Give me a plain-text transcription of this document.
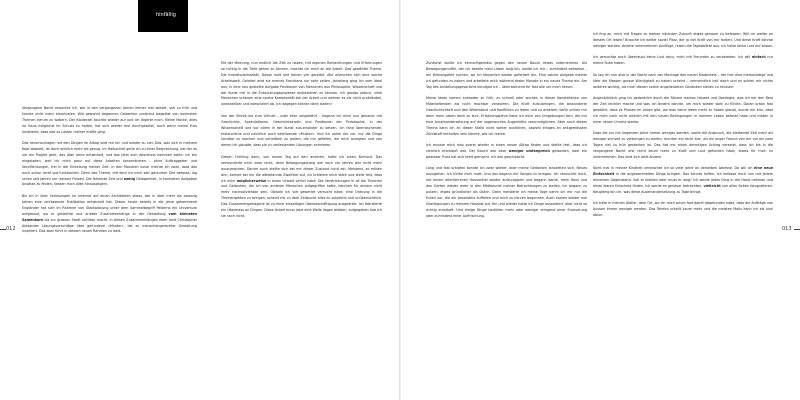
hinfällig
012	013

Vergangene Nacht erwachte ich, wie in den vergangenen Jahren immer mal wieder, viel zu früh und konnte nicht mehr einschlafen. Wie gewohnt begannen Gedanken zunächst losgelöst von konkreten Themen herum zu wabern. Der Klodeckel tauchte wieder auf und ich ärgerte mich. Meine Macke, alles im Haus möglichst im Schuss zu halten, hat sich wieder mal durchgesetzt, auch wenn meine Frau insistierte, dass das zu Lasten meiner Kräfte ging.

Das herumschlagen mit den Dingen im Alltag wird mir hin und wieder zu viel. Das, was sich in meinem Kopf abspielt, ist doch wirklich mehr als genug. Im Halbschlaf gehe ich zu einer Besprechung, bei der es um ein Projekt geht, das über Jahre entwickelt, und das jetzt zum Abschluss kommen sollte. Ich bin eingeladen, weil ich mich ganz auf diese Arbeiten konzentrieren – ohne Auftraggeber und Verpflichtungen, frei in der Einteilung meiner Zeit. In den Monaten zuvor meinte ich zwar, dass das auch schon recht gut funktioniert. Denn das Thema, mit dem ich mich seit geraumer Zeit befasse, lag schon seit Jahren vor meinen Füssen. Die fehlende Zeit und wenig Gelegenheit, in konkreten Aufgaben Ansätze zu finden, liessen mich alles hinauszögern.

Bis ich in über Vorlesungen im Internet auf einen Architekten stiess, der in über mehr als zwanzig Jahren eine umfassende Publikation entwickelt hat. Dieser heute bereits in die Jahre gekommene Engländer hat sich im Rahmen von Stadtplanung unter dem Sammelbegriff Patterns ein Universum aufgebaut, wo er gedachte und erlebte Zusammenhänge in der Gestaltung vom kleinsten Samenkorn bis zur grossen Stadt sichtbar macht. In diesen Zusammenhängen eben fand Christopher Alexander Lösungsvorschläge über gefundene «Muster», die zu menschengerechter Gestaltung inspiriert. Das aber führt in diesem neuen Rahmen zu weit.

Mit der Meinung, nun endlich die Zeit zu haben, mit eigenen Betrachtungen und Erfahrungen so richtig in die Tiefe gehen zu können, machte ich mich an die Arbeit. Das gewählte Thema, Die Interdisziplinarität, Davon wird seit Jahren viel geredet. Alle wünschen sich eine solche Arbeitswelt. Geleitet wird sie meines Erachtens nur sehr selten. Jahrelang ging ich vom Ideal aus, in eine neu gestellte Aufgabe Positionen von Menschen aus Philosophie, Wissenschaft und der Kunst mit in die Entwicklungsprozesse einbeziehen zu können. Ich glaube jedoch, viele Menschen scheuen eine solche Komplexität bei der Arbeit und wehren es als nicht praktikabel, unbezahlbar und kompliziert ab. Ich dagegen könnte darin baden!

Von der Skizze bis zum Urknall – oder eher umgekehrt – begann ich mich nun genauer mit Geschichte, Spekulationen, Geschichtsinseln und Positionen der Philosophie, in der Wissenschaft und vor allem in der Kunst aus-einander zu setzen. Ich fand überraschende, erstaunliche und natürlich auch betrübende «Muster». Und ich nahm mir vor, nur die Dinge sichtbar zu machen und vermitteln zu wollen, die mir gefielen, die mich anregten und von denen ich glaubte, dass sie zu umfassenden Lösungen animieren.

Diesen Frühling dann, von einem Tag auf den anderen, hatte ich einen Burnout. Das verwunderte mich zwar nicht, denn Bewegungsdrang wie noch vor Jahren war nicht mehr auszumachen. Darum auch stellte sich bei mir dieser Zustand nicht ein. Meistens, so mitten drin, kommt bei mir die altbekannte Zweifelei auf, ich kritisiere mich stark und stelle fest, dass ich mich möglicherweise in einen Urwald verirrt habe. Die Verstrickungen in all die Theorien und Gedanken, die ich von anderen Menschen aufgegriffen hatte, könnten für andere nicht mehr nachvollziehbar sein. Obwohl ich viel gewertet versucht habe, eine Ordnung in die Themenwelten zu bringen, scheint mir zu dem Zeitpunkt alles zu subjektiv und unübersichtlich. Das Zusammengetragene ist zu einer einseitigen Überbeschäftigung ausgeartet. Ich fabrizierte ein Übermass an Dingen. Diese Arbeit muss jetzt eine Weile liegen bleiben, aufgegeben hab ich sie noch nicht.

Zunächst wollte ich vernunftgemäss gegen den neuen Bauch etwas unternehmen. Als Bewegungsmuffel, der ich bereits mein Leben lang bin, wollte ich mir – zumindest zeitweise – ein Wirkungsfeld suchen, wo ich körperlich wieder gefordert bin. Eine solche Aufgabe meinte ich gefunden zu haben und arbeitete mich während dreier Monate in ein neues Thema ein. Am Tag des Anstellungsgesprächs kündigte ich – überraschend für fast alle um mich herum.

Meine Ideen kamen entweder zu früh, zu schnell oder wurden in dieser Konstellation von Mitarbeitenden als nicht machbar verworfen. Die Kraft aufzubringen, die bewunderte Geschicklichkeit und den Widerstand und Konflikten zu leben und zu arbeiten, dafür schien mir dann mein Leben doch zu kurz. Erfahrungsjahre habe ich mich von Umgebungen fern, die mir eine Auseinandersetzung auf der sogenannten Augenhöhe verunmöglichen. Aber auch dieses Thema kann ich an dieser Stelle nicht weiter ausführen, obwohl einiges an zeitgemässem Zündstoff enthalten sein könnte, wie ich meine.

Ich musste mich also zuerst wieder in einen neuen Alltag finden und stellte fest, dass ich ziemlich erschöpft war. Der Bauch war zwar weniger umfangreich geworden, aber ein gewisser Frust hat sich breit gemacht. Ich war geschwächt.

Lang und fast schlafen konnte ich zwar wieder, aber meine Gedanken strudelten sich, Neues anzugehen. Ich fühlte mich matt. Und das begann mir Sorgen zu bringen. Ich versuchte mich, mit einem alterfahrenen Hausmittel wieder aufzurappeln und begann damit, mein Haus und den Garten wieder mehr in den Mittelpunkt meiner Betrachtungen zu stellen. Ich begann zu putzen, etwas gründlicher als üblich. Dann meisterte ich meine Tage nahm ich mir nur die Ecken vor, die mir besonders auffielen und mich zu nerven begannen. Auch kamen wieder mal Überlegungen zu meinem Hausrat auf. Hin und wieder hatte ich Dinge aussortiert, aber nicht so richtig ernsthaft. Und einige Dinge bedürfen mehr oder weniger dringend einer Erneuerung oder zumindest einer Auffrischung.

Ich fing an, mich mit Fragen zu meiner nächsten Zukunft etwas genauer zu befassen. Will ich weiter an diesem Ort leben? Brauche ich weiter soviel Platz, der ja viel Kraft von mir fordert. Und diese Kraft könnte weniger werden. Andere unternehmen Ausflüge, reisen die Tagesblätte aus. Ich hatte keine Lust auf sowas.

Ich versuchte auch überhaupt keine Lust dazu, mich mit Freunden zu verabreden. Ich will einfach nur meine Ruhe haben.

So lag ich nun also in der Nacht nach der Montage des neuen Klodeckels – der hier eine merkwürdige und über die Massen grosse Wichtigkeit zu haben scheint – vermeintlich hell wach und es schien mir nichts anderes wichtig, als mich diesen vorhin angedeuteten Gedanken stellen zu müssen.

Augenblicklich ging ich gedanklich durch die Räume meines Hauses und überlegte, was ich mir den Rest der Zeit leichter mache und was ich ändern könnte, um mich wieder wohl zu fühlen. Daran schon fast gewöhnt, dass es Phasen im Leben gibt, wo man keine Ideen mehr zu haben glaubt, wurde mir klar, dass ich mich noch nicht wirklich mit den neuen Bedingungen in meinem Leben befasst habe und mitten in einer neuen Unruhe stecke.

Dass die vor mir liegenden Jahre immer weniger werden, sowie die Anspruch, die bleibende Zeit mehr als weniger sinnvoll zu verbringen zu wollen, murrten ein recht klar, als ein enger Freund von mir vor ein paar Tagen viel zu früh gestorben ist. Das hat mir einen derartigen Schlag versetzt, dass ich bis in die vergangene Nacht erst recht kaum mehr zu Kraft und Lust gefunden habe, etwas für mich zu unternehmen. Das wird sich jetzt ändern.

Nicht mal in meiner Kindheit verbrachte ich so viele Jahre an derselben Adresse. Da will ich eine neue Einfachheit in die angesammelten Dinge bringen. Das könnte helfen. Ich befasse mich nun mit jedem einzelnen Gegenstand. Soll er bleiben oder muss er weg? Ich werde jedes Ding in die Hand nehmen und einen klaren Entscheid finden. Ich werde es genauer betrachten, vielleicht von allen Seiten fotografieren. Neugierig bin ich, was diese Auseinandersetzung zu Tage bringt.

Ich trete in meinen Atelier, dem Ort, wo ich mich schon fast damit abgefunden habe, dass die Aufträge von Aussen immer weniger werden. Das Telefon schellt kaum mehr und die meisten Mails kann ich als Junk ablun.
